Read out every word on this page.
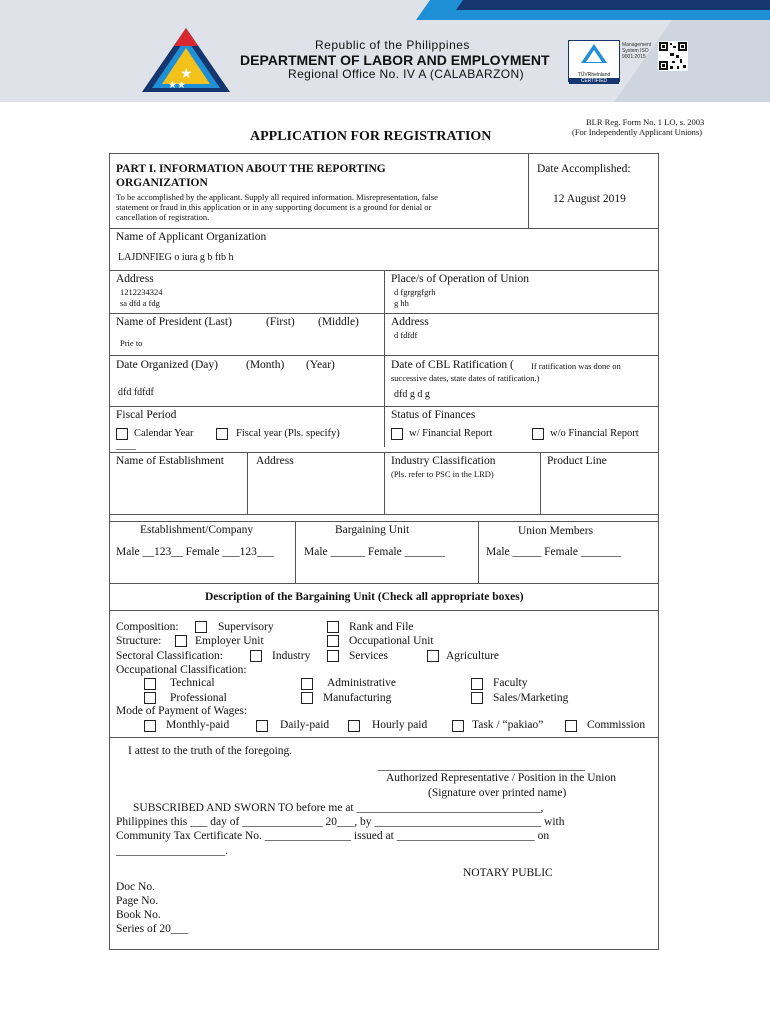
★
★★
Republic of the Philippines
DEPARTMENT OF LABOR AND EMPLOYMENT
Regional Office No. IV A (CALABARZON)	TÜVRheinland
CERTIFIED
Management System ISO 9001:2015
BLR Reg. Form No. 1 LO, s. 2003
(For Independently Applicant Unions)
APPLICATION FOR REGISTRATION
PART I. INFORMATION ABOUT THE REPORTING
ORGANIZATION
To be accomplished by the applicant. Supply all required information. Misrepresentation, false
statement or fraud in this application or in any supporting document is a ground for denial or
cancellation of registration.
Date Accomplished:
12 August 2019
Name of Applicant Organization
LAJDNFIEG o iura g b ftb h
Address
1212234324
sa dfd a fdg
Place/s of Operation of Union
d fgrgrgfgrh
g hh
Name of President (Last)	(First) (Middle)
Prie to
Address
d fdfdf
Date Organized (Day) (Month) (Year)
dfd fdfdf
Date of CBL Ratification ( If ratification was done on
successive dates, state dates of ratification.)
dfd g d g
Fiscal Period
Calendar Year	Fiscal year (Pls. specify)
____
Status of Finances
w/ Financial Report	w/o Financial Report
Name of Establishment	Address	Industry Classification
(Pls. refer to PSC in the LRD)
Product Line
Establishment/Company	Bargaining Unit	Union Members
Male __123__ Female ___123___	Male ______ Female _______	Male _____ Female _______
Description of the Bargaining Unit (Check all appropriate boxes)
Composition:	Supervisory	Rank and File
Structure:	Employer Unit	Occupational Unit
Sectoral Classification:	Industry	Services	Agriculture
Occupational Classification:
Technical	Administrative	Faculty
Professional	Manufacturing	Sales/Marketing
Mode of Payment of Wages:
Monthly-paid	Daily-paid	Hourly paid	Task / “pakiao”	Commission
I attest to the truth of the foregoing.
____________________________________
Authorized Representative / Position in the Union
(Signature over printed name)
SUBSCRIBED AND SWORN TO before me at ________________________________,
Philippines this ___ day of ______________ 20___, by _____________________________ with
Community Tax Certificate No. _______________ issued at ________________________ on
___________________.
NOTARY PUBLIC
Doc No.
Page No.
Book No.
Series of 20___
